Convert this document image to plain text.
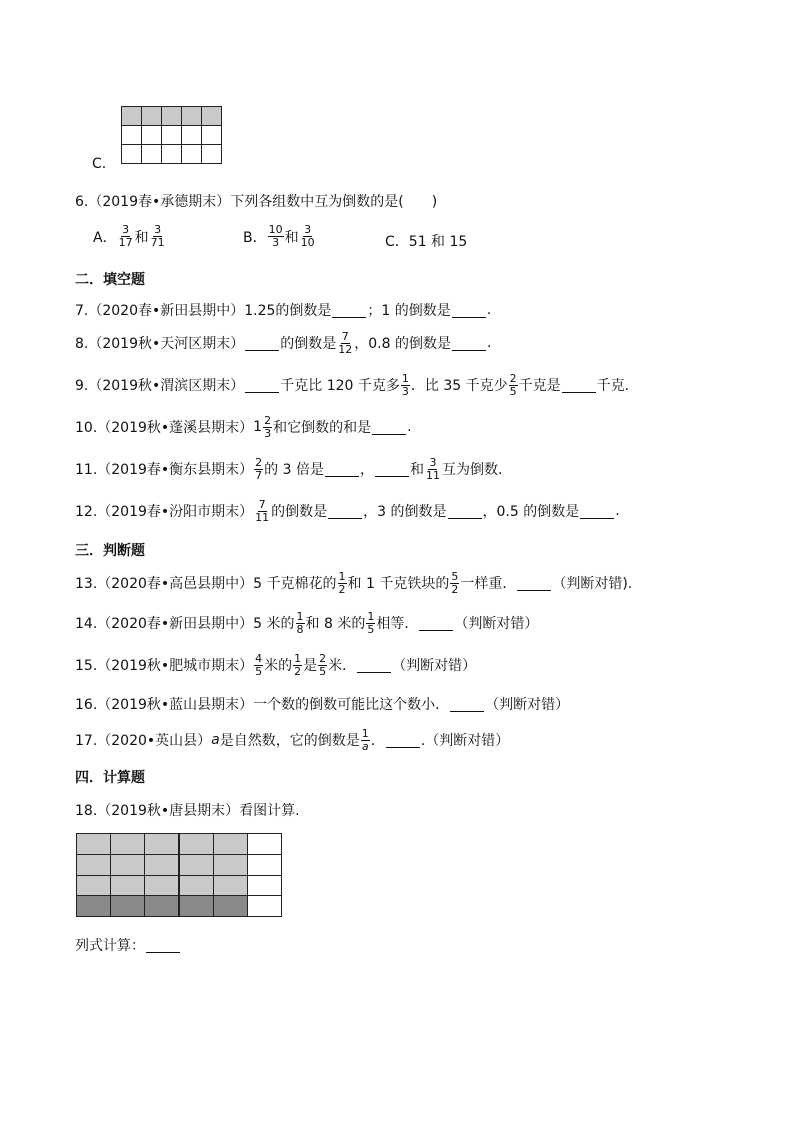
C.
6.（2019春•承德期末）下列各组数中互为倒数的是(　　)
A． $\frac{3}{17}$ 和 $\frac{3}{71}$	B． $\frac{10}{3}$ 和 $\frac{3}{10}$	C． 51 和 15
二．填空题
7.（2020春•新田县期中）1.25的倒数是	；1 的倒数是	.
8.（2019秋•天河区期末）	的倒数是 $\frac{7}{12}$ ，0.8 的倒数是	.
9.（2019秋•渭滨区期末）	千克比 120 千克多 $\frac{1}{3}$ ．比 35 千克少 $\frac{2}{5}$ 千克是	千克．
10.（2019秋•蓬溪县期末） $1 \frac{2}{3}$ 和它倒数的和是	.
11.（2019春•衡东县期末） $\frac{2}{7}$ 的 3 倍是	，	和 $\frac{3}{11}$ 互为倒数.
12.（2019春•汾阳市期末） $\frac{7}{11}$ 的倒数是	，3 的倒数是	，0.5 的倒数是	.
三．判断题
13.（2020春•高邑县期中）5 千克棉花的 $\frac{1}{2}$ 和 1 千克铁块的 $\frac{5}{2}$ 一样重．	（判断对错).
14.（2020春•新田县期中）5 米的 $\frac{1}{8}$ 和 8 米的 $\frac{1}{5}$ 相等．	（判断对错）
15.（2019秋•肥城市期末） $\frac{4}{5}$ 米的 $\frac{1}{2}$ 是 $\frac{2}{5}$ 米．	（判断对错）
16.（2019秋•蓝山县期末）一个数的倒数可能比这个数小．	（判断对错）
17.（2020•英山县） a 是自然数，它的倒数是 $\frac{1}{a}$ ．	.（判断对错）
四．计算题
18.（2019秋•唐县期末）看图计算.
列式计算：
